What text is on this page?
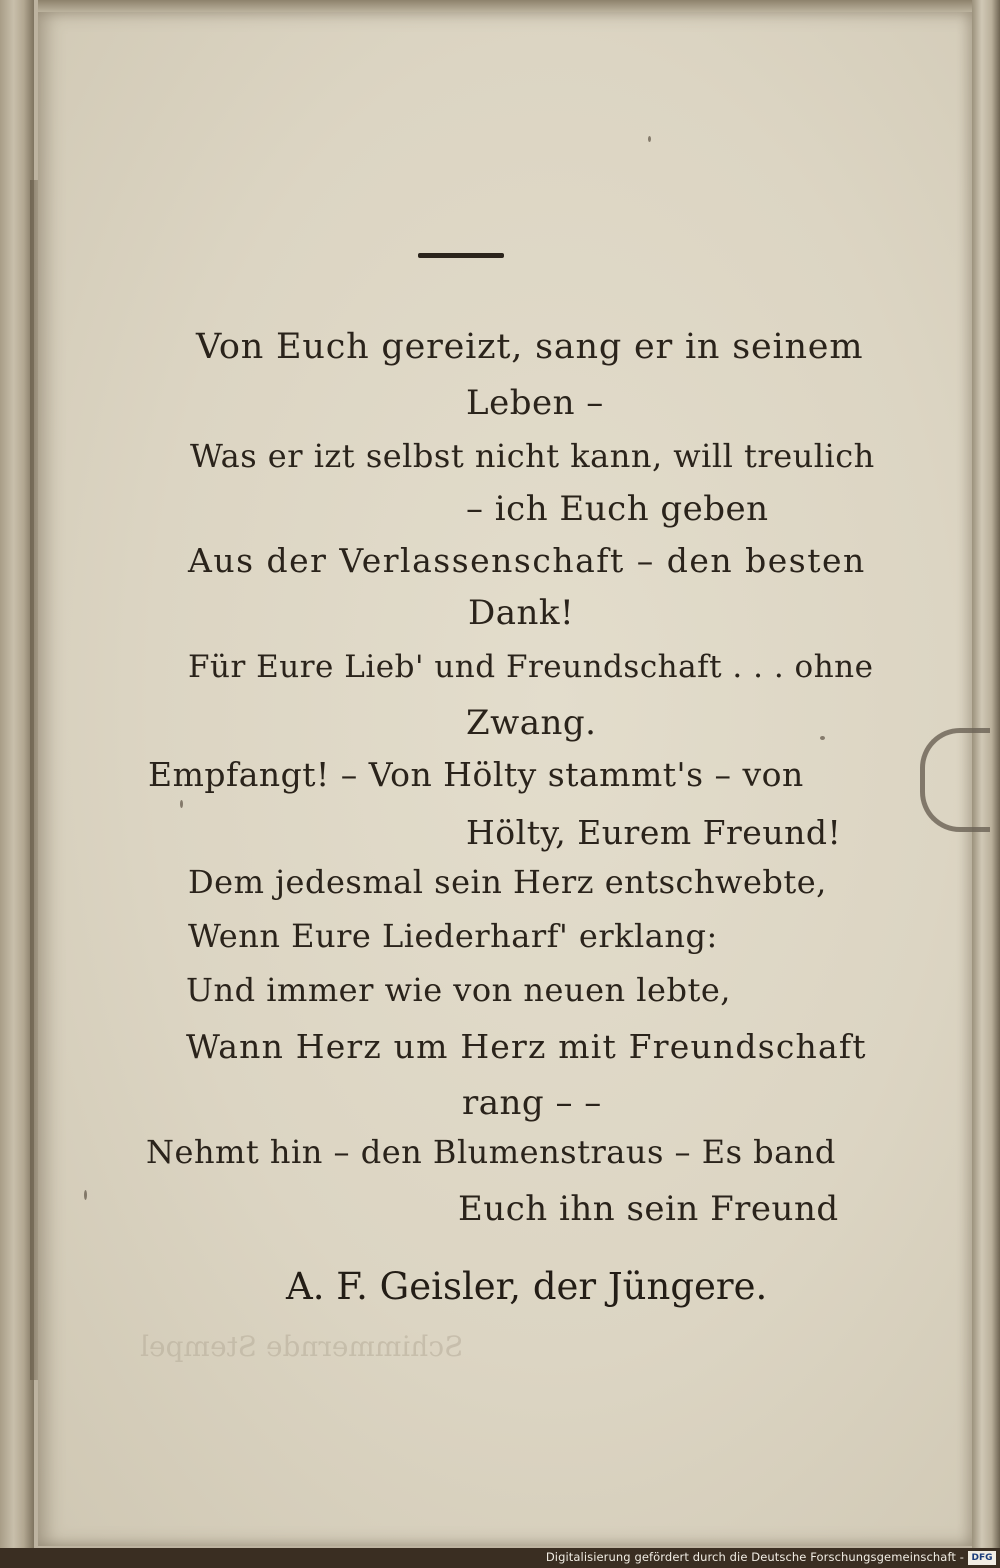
Von Euch gereizt, sang er in seinem
Leben –
Was er izt selbst nicht kann, will treulich
– ich Euch geben
Aus der Verlassenschaft – den besten
Dank!
Für Eure Lieb' und Freundschaft . . . ohne
Zwang.
Empfangt! – Von Hölty stammt's – von
Hölty, Eurem Freund!
Dem jedesmal sein Herz entschwebte,
Wenn Eure Liederharf' erklang:
Und immer wie von neuen lebte,
Wann Herz um Herz mit Freundschaft
rang – –
Nehmt hin – den Blumenstraus – Es band
Euch ihn sein Freund
A. F. Geisler, der Jüngere.
Schimmernde Stempel
Digitalisierung gefördert durch die Deutsche Forschungsgemeinschaft - DFG
